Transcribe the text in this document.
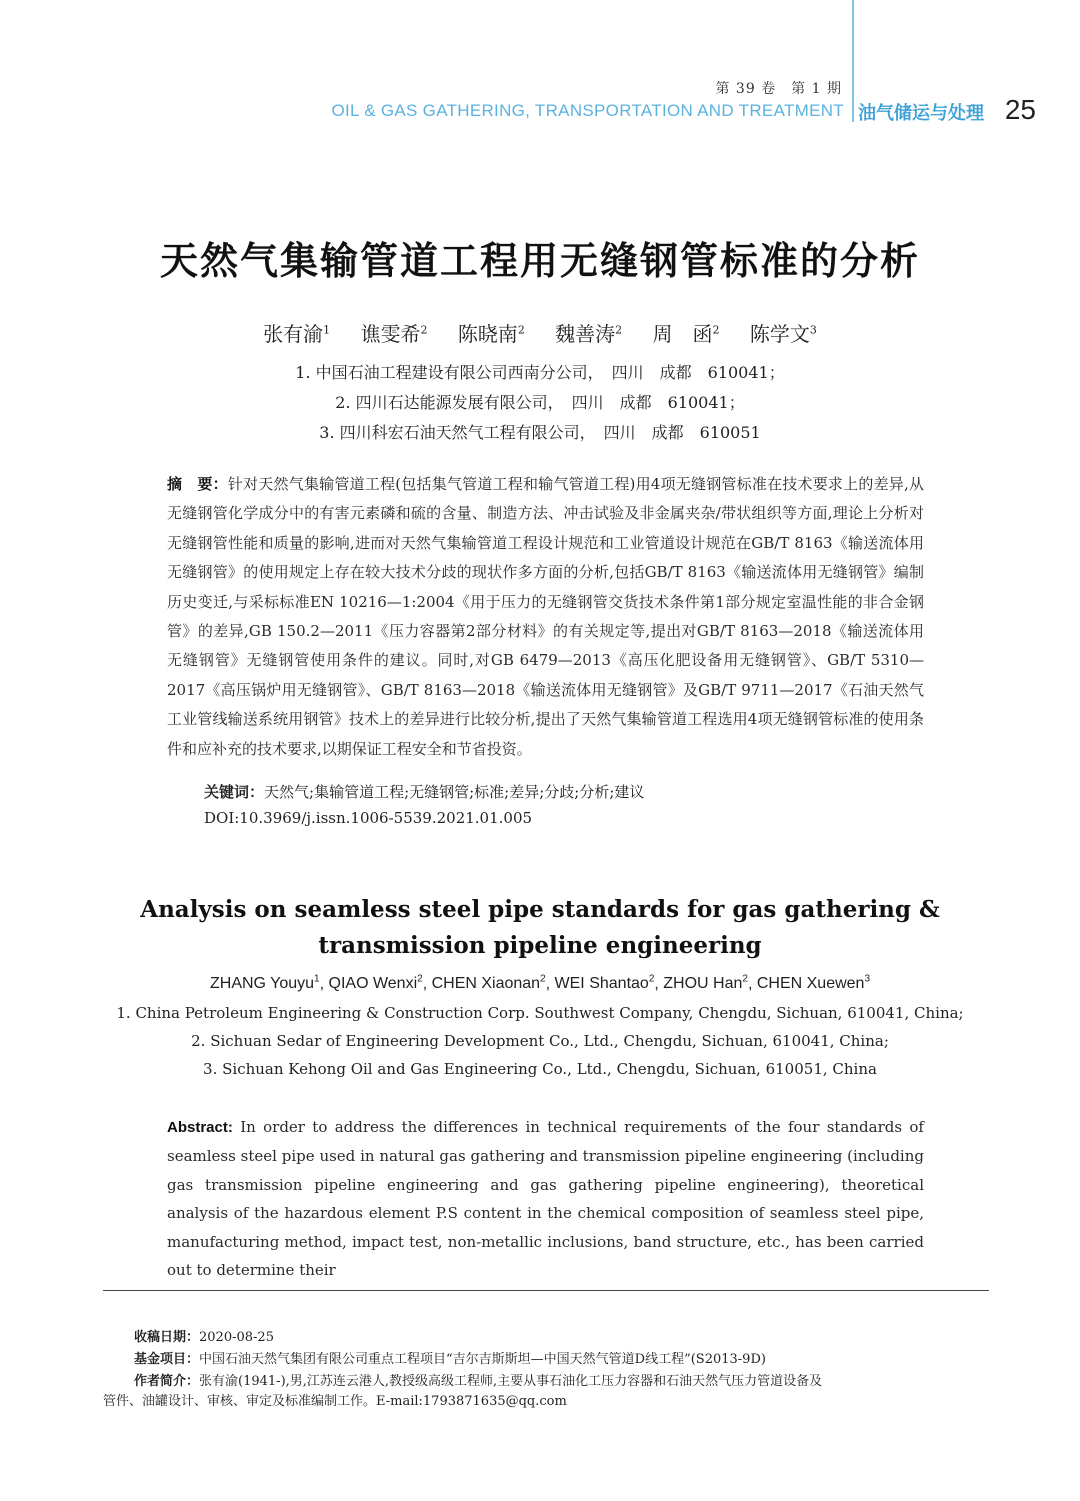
第 39 卷　第 1 期
OIL & GAS GATHERING, TRANSPORTATION AND TREATMENT 油气储运与处理 25
天然气集输管道工程用无缝钢管标准的分析
张有渝$^1$ 谯雯希$^2$ 陈晓南$^2$ 魏善涛$^2$ 周　函$^2$ 陈学文$^3$
1. 中国石油工程建设有限公司西南分公司，　四川　成都　610041；
2. 四川石达能源发展有限公司，　四川　成都　610041；
3. 四川科宏石油天然气工程有限公司，　四川　成都　610051
摘　要：针对天然气集输管道工程(包括集气管道工程和输气管道工程)用4项无缝钢管标准在技术要求上的差异,从无缝钢管化学成分中的有害元素磷和硫的含量、制造方法、冲击试验及非金属夹杂/带状组织等方面,理论上分析对无缝钢管性能和质量的影响,进而对天然气集输管道工程设计规范和工业管道设计规范在GB/T 8163《输送流体用无缝钢管》的使用规定上存在较大技术分歧的现状作多方面的分析,包括GB/T 8163《输送流体用无缝钢管》编制历史变迁,与采标标准EN 10216—1:2004《用于压力的无缝钢管交货技术条件第1部分规定室温性能的非合金钢管》的差异,GB 150.2—2011《压力容器第2部分材料》的有关规定等,提出对GB/T 8163—2018《输送流体用无缝钢管》无缝钢管使用条件的建议。同时,对GB 6479—2013《高压化肥设备用无缝钢管》、GB/T 5310—2017《高压锅炉用无缝钢管》、GB/T 8163—2018《输送流体用无缝钢管》及GB/T 9711—2017《石油天然气工业管线输送系统用钢管》技术上的差异进行比较分析,提出了天然气集输管道工程选用4项无缝钢管标准的使用条件和应补充的技术要求,以期保证工程安全和节省投资。
关键词：天然气;集输管道工程;无缝钢管;标准;差异;分歧;分析;建议
DOI:10.3969/j.issn.1006-5539.2021.01.005
Analysis on seamless steel pipe standards for gas gathering &
transmission pipeline engineering
ZHANG Youyu$^1$, QIAO Wenxi$^2$, CHEN Xiaonan$^2$, WEI Shantao$^2$, ZHOU Han$^2$, CHEN Xuewen$^3$
1. China Petroleum Engineering & Construction Corp. Southwest Company, Chengdu, Sichuan, 610041, China;
2. Sichuan Sedar of Engineering Development Co., Ltd., Chengdu, Sichuan, 610041, China;
3. Sichuan Kehong Oil and Gas Engineering Co., Ltd., Chengdu, Sichuan, 610051, China
Abstract: In order to address the differences in technical requirements of the four standards of seamless steel pipe used in natural gas gathering and transmission pipeline engineering (including gas transmission pipeline engineering and gas gathering pipeline engineering), theoretical analysis of the hazardous element P.S content in the chemical composition of seamless steel pipe, manufacturing method, impact test, non-metallic inclusions, band structure, etc., has been carried out to determine their
收稿日期：2020-08-25
基金项目：中国石油天然气集团有限公司重点工程项目“吉尔吉斯斯坦—中国天然气管道D线工程”(S2013-9D)
作者简介：张有渝(1941-),男,江苏连云港人,教授级高级工程师,主要从事石油化工压力容器和石油天然气压力管道设备及
管件、油罐设计、审核、审定及标准编制工作。E-mail:1793871635@qq.com
